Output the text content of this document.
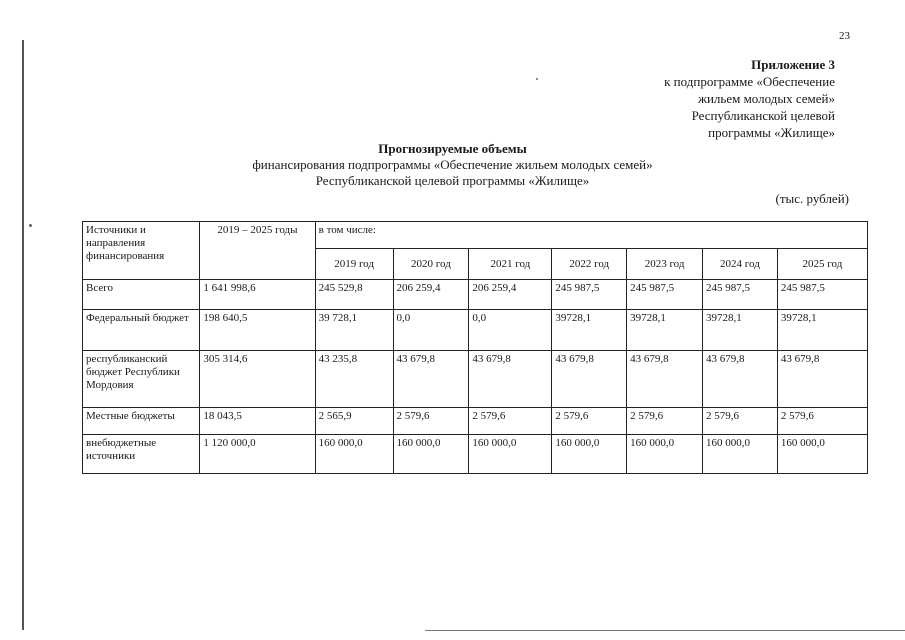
23
Приложение 3
к подпрограмме «Обеспечение
жильем молодых семей»
Республиканской целевой
программы «Жилище»
Прогнозируемые объемы
финансирования подпрограммы «Обеспечение жильем молодых семей»
Республиканской целевой программы «Жилище»
(тыс. рублей)
Источники и направления финансирования	2019 – 2025 годы	в том числе:						
		2019 год	2020 год	2021 год	2022 год	2023 год	2024 год	2025 год
Всего	1 641 998,6	245 529,8	206 259,4	206 259,4	245 987,5	245 987,5	245 987,5	245 987,5
Федеральный бюджет	198 640,5	39 728,1	0,0	0,0	39728,1	39728,1	39728,1	39728,1
республиканский бюджет Республики Мордовия	305 314,6	43 235,8	43 679,8	43 679,8	43 679,8	43 679,8	43 679,8	43 679,8
Местные бюджеты	18 043,5	2 565,9	2 579,6	2 579,6	2 579,6	2 579,6	2 579,6	2 579,6
внебюджетные источники	1 120 000,0	160 000,0	160 000,0	160 000,0	160 000,0	160 000,0	160 000,0	160 000,0
